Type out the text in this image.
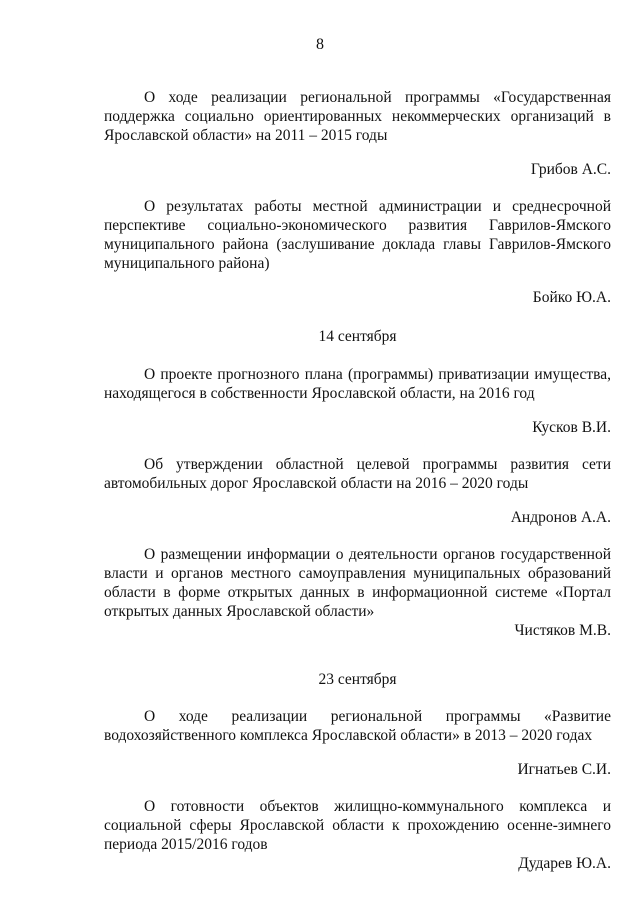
8

О ходе реализации региональной программы «Государственная поддержка социально ориентированных некоммерческих организаций в Ярославской области» на 2011 – 2015 годы

Грибов А.С.

О результатах работы местной администрации и среднесрочной перспективе социально-экономического развития Гаврилов-Ямского муниципального района (заслушивание доклада главы Гаврилов-Ямского муниципального района)

Бойко Ю.А.

14 сентября

О проекте прогнозного плана (программы) приватизации имущества, находящегося в собственности Ярославской области, на 2016 год

Кусков В.И.

Об утверждении областной целевой программы развития сети автомобильных дорог Ярославской области на 2016 – 2020 годы

Андронов А.А.

О размещении информации о деятельности органов государственной власти и органов местного самоуправления муниципальных образований области в форме открытых данных в информационной системе «Портал открытых данных Ярославской области»

Чистяков М.В.

23 сентября

О ходе реализации региональной программы «Развитие водохозяйственного комплекса Ярославской области» в 2013 – 2020 годах

Игнатьев С.И.

О готовности объектов жилищно-коммунального комплекса и социальной сферы Ярославской области к прохождению осенне-зимнего периода 2015/2016 годов

Дударев Ю.А.
